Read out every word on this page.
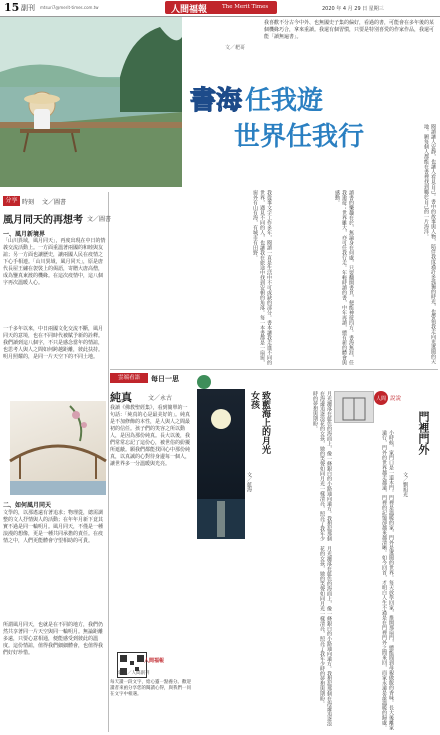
15 副刊 mtsuri7@merit-times.com.tw	人間福報	The Merit Times	2020 年 4 月 29 日 星期三
我喜歡不分古今中外、也無國史子集的偏好，看過的書，可能會在多年後的某個機緣巧合，拿來重讀。我還有個習慣，只要是特別喜愛的作家作品，我還可能「讀無遍書」。
文／耙哥
書海 任我遊
世界任我行
我從事文字工作多年，閱讀一直是生活中不可或缺的部分。書本讓我走進不同的世界，遇見不同的人，也讓我在旅途中找到安頓的角落。每一本書都是一扇窗，窗外有山有海，有城市有田野。	讀書的樂趣在於，無論身在何處，只要翻開書頁，便能神遊四方。書海無涯，任我遨遊；世界雖大，亦可任我行走。年輕時讀的書，中年再讀，總有新的體會與感動。	閱讀讓人安靜，也讓人看見自己。書中的故事與人物，陪伴我度過許多孤獨的時光，也帶領我走向更遼闊的天地。願每個人都能在書裡找到屬於自己的一片海洋。
分享 時刻 文／圖書
風月同天的再想考 文／圖書
一、風月新境界
「山川異域，風月同天」，再度出現在中日的情義交流活動上。一方面重溫著兩國的和睦與友誼；另一方面也讓歷史，讓兩國人民在疫情之下心手相連。「山川異域，風月同天」，原是唐代長屋王繡在袈裟上的偈語，寄贈大唐高僧，成為鑒真東渡的機緣。在這次疫情中，這八個字再次溫暖人心。
一千多年以來，中日兩國文化交流不斷，風月同天的意境，也在不同時代被賦予新的詮釋。我們讀到這八個字，不只是感念當年的情誼，也思考人與人之間如何跨越距離，彼此扶持。明月照耀的，是同一片天空下的不同土地。
二、如何風月同天
文學的，以那遙遠有著追求；物理從，總需調整的文人抒情與人的活動；在年年月新下竟其實不過是同一輪明月。風月同天，不僅是一種浪漫的想像，更是一種共同承擔的責任。在疫情之中，人們更能體會守望相助的可貴。
所謂風月同天，也就是在不同的地方，我們仍然共享著同一片天空與同一輪明月。無論距離多遠，只要心意相通，便能感受到彼此的溫度。這份情誼，值得我們細細體會，也值得我們好好珍惜。
雲端看語	每日一思
純真	文／永古
我讀《佛教聖經集》，看到簡單的一句話：「純真的心是最美好的」。純真是不加修飾的本性，是人與人之間最初的信任。孩子們的笑容之所以動人，是因為那份純真。長大以後，我們常常忘記了這份心，被世俗的紛擾所遮蔽。願我們都能找回心中那份純真，以真誠的心對待身邊每一個人，讓世界多一分溫暖與光亮。
人間福報
新聞／人間副刊
每天讀一段文字，給心靈一點養分。歡迎讀者來函分享您的閱讀心得，與我們一同在文字中相遇。
致藍海上的月光女孩
文／藍海	月光灑落在藍色的海面上，像一條銀白的小路通向遠方。我想起那個在海邊追逐浪花的女孩，她的笑聲如同月光一樣清亮，照亮了我年少時的夢想與期盼。	人間 說說
門裡門外
文／劉旭光
小時候，家門口是一道木門。門裡是溫暖的家，門外是遼闊的世界。每天放學回家，推開那扇門，總能聞到母親做飯的香味。長大後離家遠行，門外的世界越走越遠，門裡的記憶卻越來越清晰。如今回首，才明白人生不過是在門裡門外之間來回，而家永遠是最溫暖的歸處。
月光灑落在藍色的海面上，像一條銀白的小路通向遠方。我想起那個在海邊追逐浪花的女孩，她的笑聲如同月光一樣清亮，照亮了我年少時的夢想與期盼。
